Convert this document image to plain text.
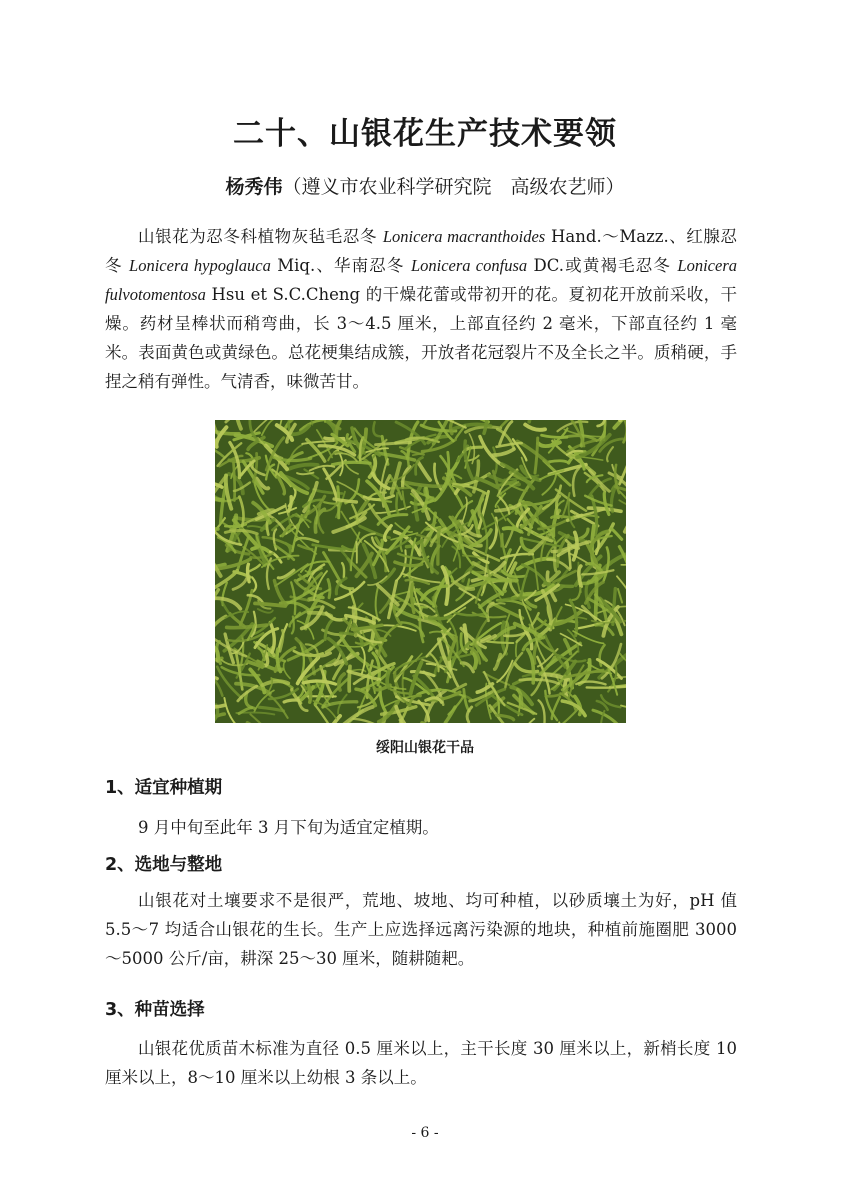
二十、山银花生产技术要领
杨秀伟（遵义市农业科学研究院　高级农艺师）

山银花为忍冬科植物灰毡毛忍冬 Lonicera macranthoides Hand.～Mazz.、红腺忍冬 Lonicera hypoglauca Miq.、华南忍冬 Lonicera confusa DC.或黄褐毛忍冬 Lonicera fulvotomentosa Hsu et S.C.Cheng 的干燥花蕾或带初开的花。夏初花开放前采收，干燥。药材呈棒状而稍弯曲，长 3～4.5 厘米，上部直径约 2 毫米，下部直径约 1 毫米。表面黄色或黄绿色。总花梗集结成簇，开放者花冠裂片不及全长之半。质稍硬，手捏之稍有弹性。气清香，味微苦甘。

绥阳山银花干品
1、适宜种植期

9 月中旬至此年 3 月下旬为适宜定植期。

2、选地与整地

山银花对土壤要求不是很严，荒地、坡地、均可种植，以砂质壤土为好，pH 值 5.5～7 均适合山银花的生长。生产上应选择远离污染源的地块，种植前施圈肥 3000～5000 公斤/亩，耕深 25～30 厘米，随耕随耙。

3、种苗选择

山银花优质苗木标准为直径 0.5 厘米以上，主干长度 30 厘米以上，新梢长度 10 厘米以上，8～10 厘米以上幼根 3 条以上。

- 6 -
